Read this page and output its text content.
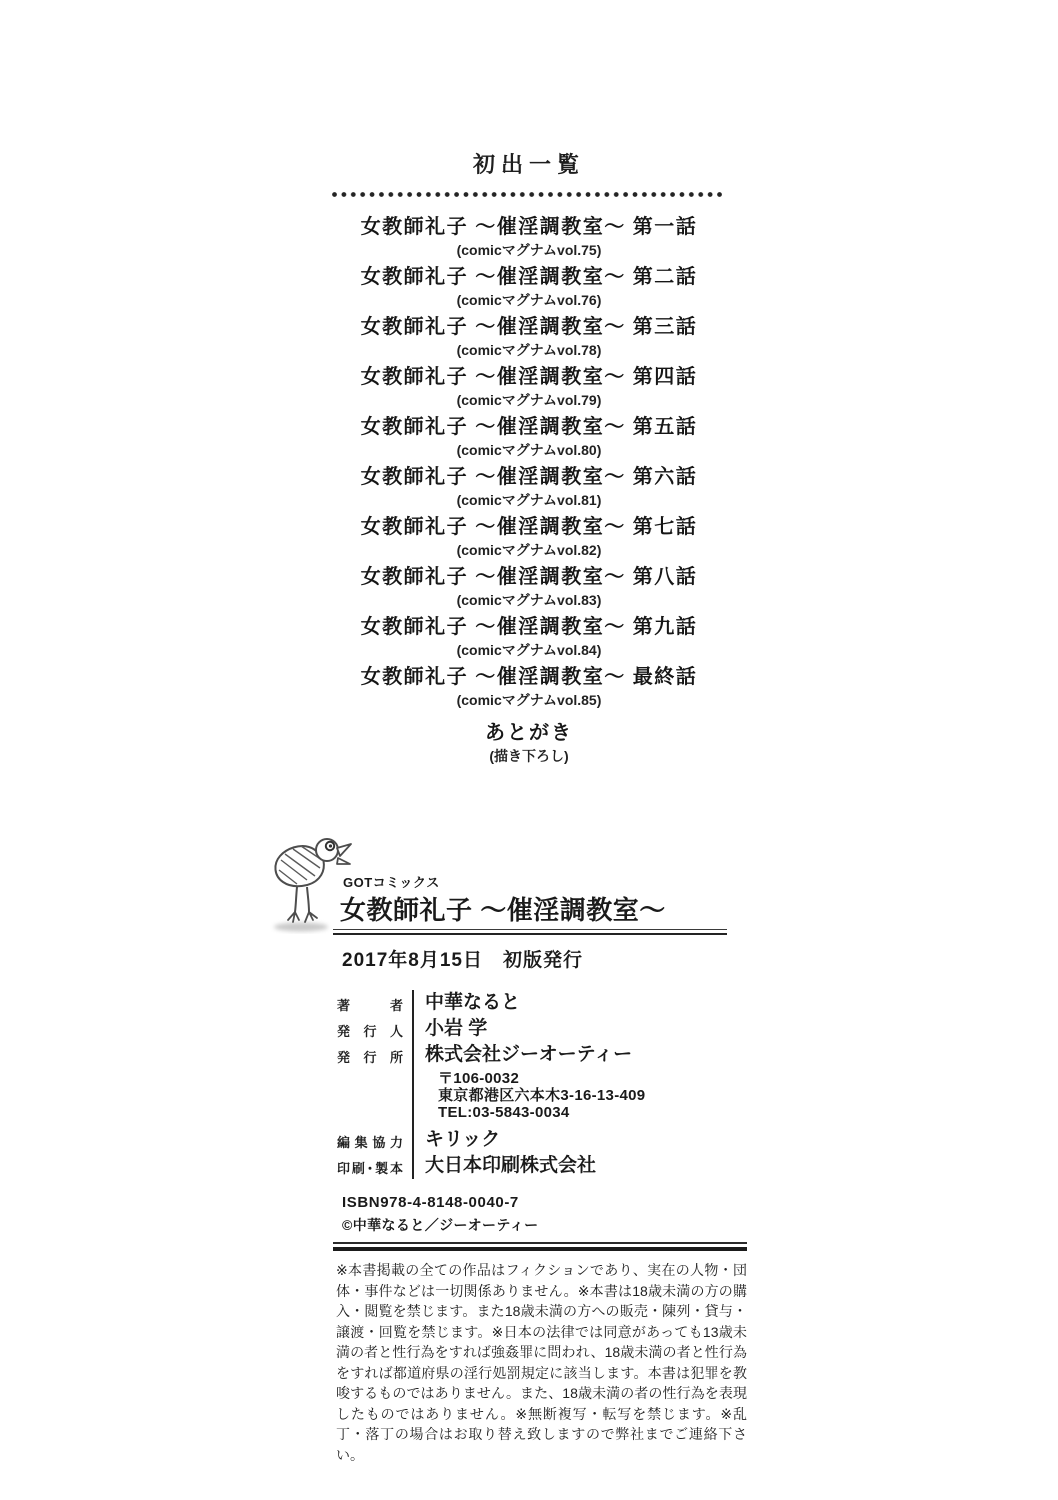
初出一覧
女教師礼子 ～催淫調教室～ 第一話
(comicマグナムvol.75)
女教師礼子 ～催淫調教室～ 第二話
(comicマグナムvol.76)
女教師礼子 ～催淫調教室～ 第三話
(comicマグナムvol.78)
女教師礼子 ～催淫調教室～ 第四話
(comicマグナムvol.79)
女教師礼子 ～催淫調教室～ 第五話
(comicマグナムvol.80)
女教師礼子 ～催淫調教室～ 第六話
(comicマグナムvol.81)
女教師礼子 ～催淫調教室～ 第七話
(comicマグナムvol.82)
女教師礼子 ～催淫調教室～ 第八話
(comicマグナムvol.83)
女教師礼子 ～催淫調教室～ 第九話
(comicマグナムvol.84)
女教師礼子 ～催淫調教室～ 最終話
(comicマグナムvol.85)
あとがき
(描き下ろし)
GOTコミックス
女教師礼子 ～催淫調教室～
2017年8月15日　初版発行
著者 中華なると
発行人 小岩 学
発行所 株式会社ジーオーティー
〒106-0032
東京都港区六本木3-16-13-409
TEL:03-5843-0034
編集協力 キリック
印刷･製本 大日本印刷株式会社
ISBN978-4-8148-0040-7
©中華なると／ジーオーティー

※本書掲載の全ての作品はフィクションであり、実在の人物・団体・事件などは一切関係ありません。※本書は18歳未満の方の購入・閲覧を禁じます。また18歳未満の方への販売・陳列・貸与・譲渡・回覧を禁じます。※日本の法律では同意があっても13歳未満の者と性行為をすれば強姦罪に問われ、18歳未満の者と性行為をすれば都道府県の淫行処罰規定に該当します。本書は犯罪を教唆するものではありません。また、18歳未満の者の性行為を表現したものではありません。※無断複写・転写を禁じます。※乱丁・落丁の場合はお取り替え致しますので弊社までご連絡下さい。
